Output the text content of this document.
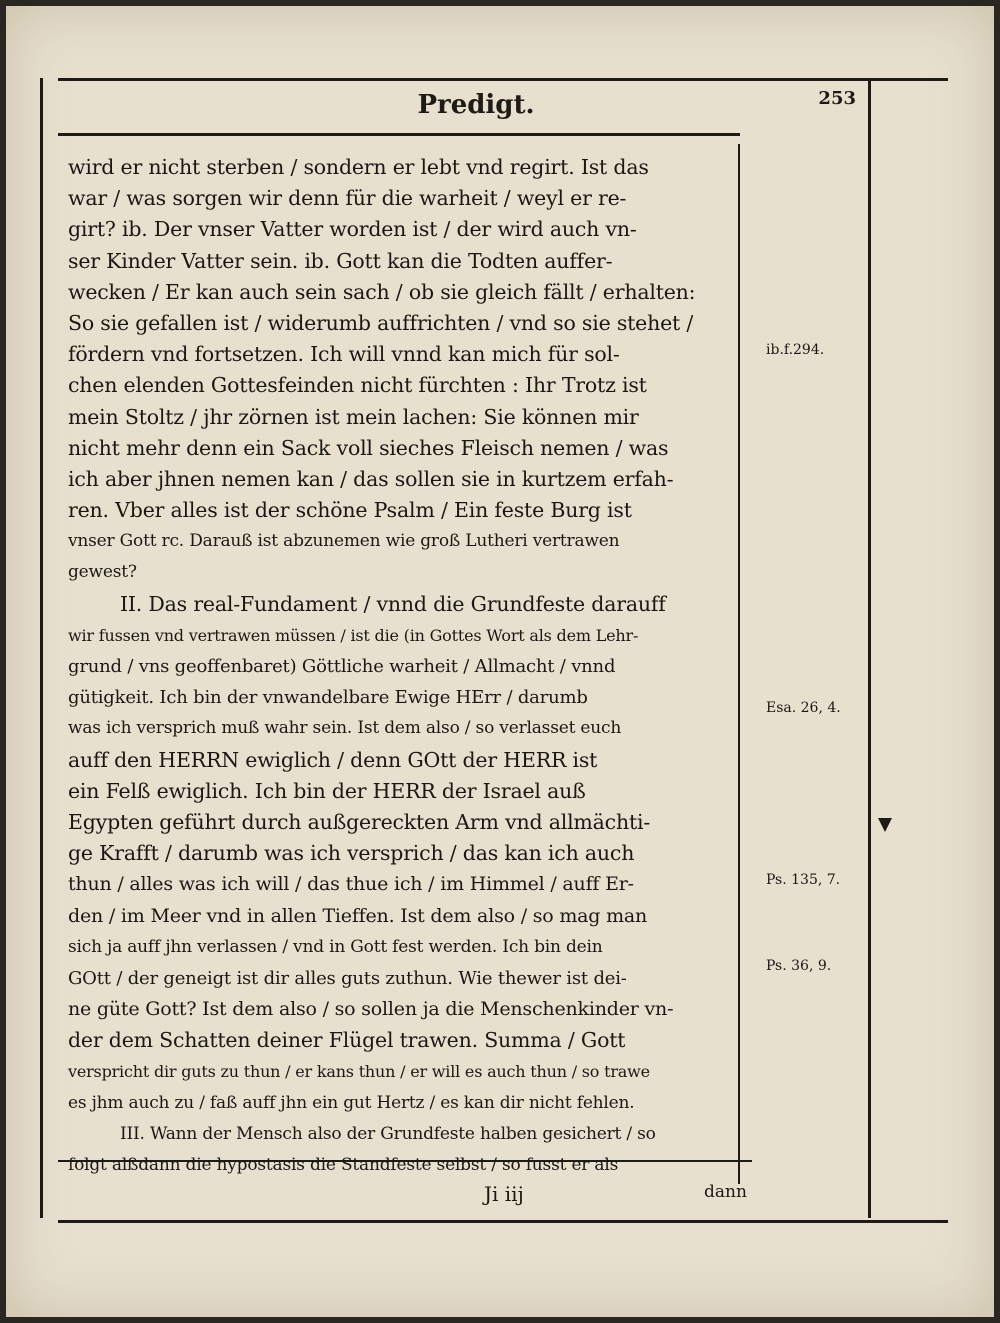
Predigt.	253
wird er nicht sterben / sondern er lebt vnd regirt. Ist das
war / was sorgen wir denn für die warheit / weyl er re-
girt? ib. Der vnser Vatter worden ist / der wird auch vn-
ser Kinder Vatter sein. ib. Gott kan die Todten auffer-
wecken / Er kan auch sein sach / ob sie gleich fällt / erhalten:
So sie gefallen ist / widerumb auffrichten / vnd so sie stehet /
fördern vnd fortsetzen. Ich will vnnd kan mich für sol-
chen elenden Gottesfeinden nicht fürchten : Ihr Trotz ist
mein Stoltz / jhr zörnen ist mein lachen: Sie können mir
nicht mehr denn ein Sack voll sieches Fleisch nemen / was
ich aber jhnen nemen kan / das sollen sie in kurtzem erfah-
ren. Vber alles ist der schöne Psalm / Ein feste Burg ist
vnser Gott rc. Darauß ist abzunemen wie groß Lutheri vertrawen
gewest?
II. Das real-Fundament / vnnd die Grundfeste darauff
wir fussen vnd vertrawen müssen / ist die (in Gottes Wort als dem Lehr-
grund / vns geoffenbaret) Göttliche warheit / Allmacht / vnnd
gütigkeit. Ich bin der vnwandelbare Ewige HErr / darumb
was ich versprich muß wahr sein. Ist dem also / so verlasset euch
auff den HERRN ewiglich / denn GOtt der HERR ist
ein Felß ewiglich. Ich bin der HERR der Israel auß
Egypten geführt durch außgereckten Arm vnd allmächti-
ge Krafft / darumb was ich versprich / das kan ich auch
thun / alles was ich will / das thue ich / im Himmel / auff Er-
den / im Meer vnd in allen Tieffen. Ist dem also / so mag man
sich ja auff jhn verlassen / vnd in Gott fest werden. Ich bin dein
GOtt / der geneigt ist dir alles guts zuthun. Wie thewer ist dei-
ne güte Gott? Ist dem also / so sollen ja die Menschenkinder vn-
der dem Schatten deiner Flügel trawen. Summa / Gott
verspricht dir guts zu thun / er kans thun / er will es auch thun / so trawe
es jhm auch zu / faß auff jhn ein gut Hertz / es kan dir nicht fehlen.
III. Wann der Mensch also der Grundfeste halben gesichert / so
folgt alßdann die hypostasis die Standfeste selbst / so fusst er als
ib.f.294.
Esa. 26, 4.
Ps. 135, 7.
Ps. 36, 9.
Ji iij	dann
